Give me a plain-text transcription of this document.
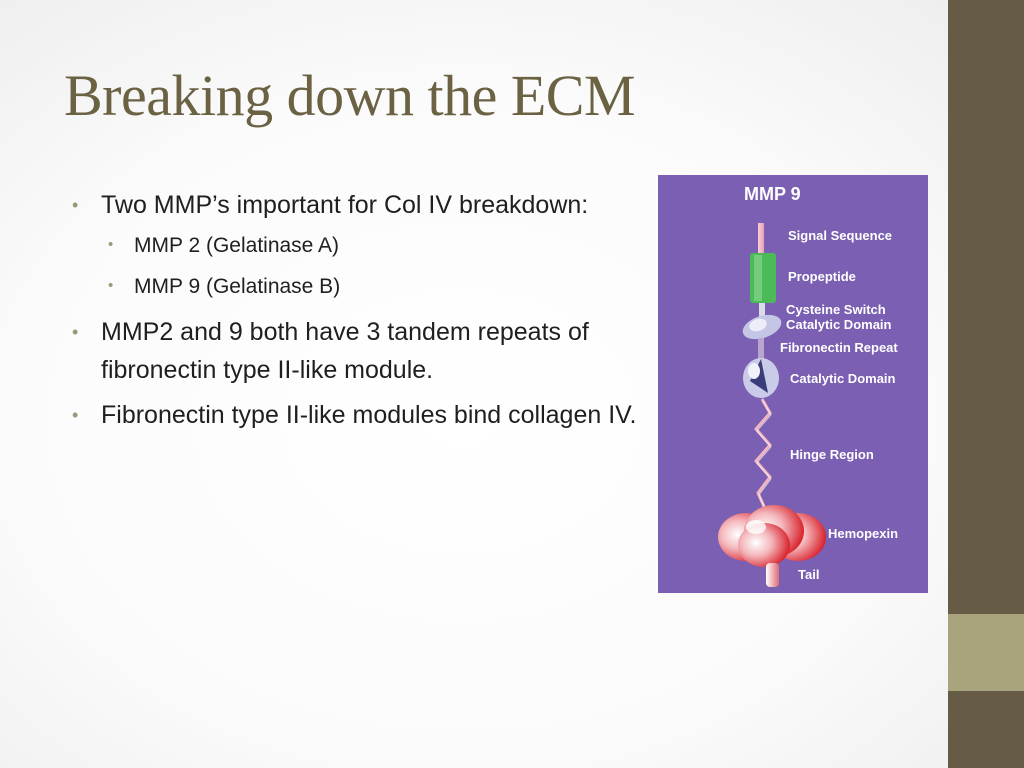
Breaking down the ECM
• Two MMP’s important for Col IV breakdown:
• MMP 2 (Gelatinase A)
• MMP 9 (Gelatinase B)
• MMP2 and 9 both have 3 tandem repeats of fibronectin type II-like module.
• Fibronectin type II-like modules bind collagen IV.
MMP 9
Signal Sequence
Propeptide
Cysteine Switch
Catalytic Domain
Fibronectin Repeat
Catalytic Domain
Hinge Region
Hemopexin
Tail
